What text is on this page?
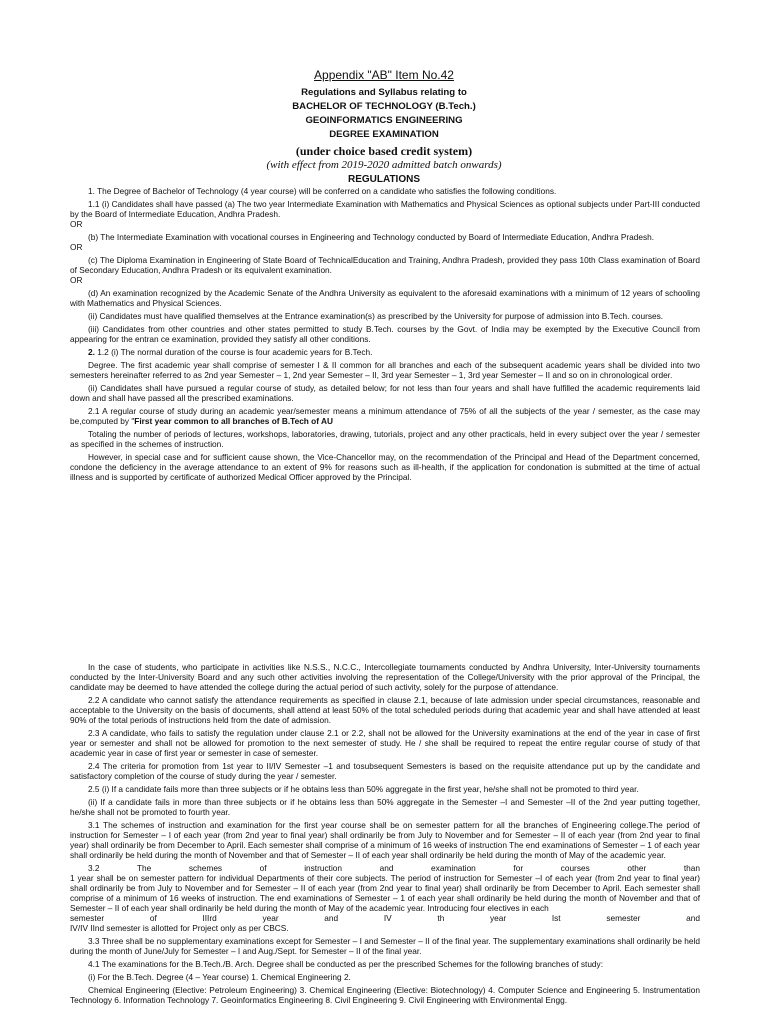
Appendix "AB" Item No.42
Regulations and Syllabus relating to
BACHELOR OF TECHNOLOGY (B.Tech.)
GEOINFORMATICS ENGINEERING
DEGREE EXAMINATION
(under choice based credit system)
(with effect from 2019-2020 admitted batch onwards)
REGULATIONS

1. The Degree of Bachelor of Technology (4 year course) will be conferred on a candidate who satisfies the following conditions.

1.1 (i) Candidates shall have passed (a) The two year Intermediate Examination with Mathematics and Physical Sciences as optional subjects under Part-III conducted by the Board of Intermediate Education, Andhra Pradesh.

OR

(b) The Intermediate Examination with vocational courses in Engineering and Technology conducted by Board of Intermediate Education, Andhra Pradesh.

OR

(c) The Diploma Examination in Engineering of State Board of TechnicalEducation and Training, Andhra Pradesh, provided they pass 10th Class examination of Board of Secondary Education, Andhra Pradesh or its equivalent examination.

OR

(d) An examination recognized by the Academic Senate of the Andhra University as equivalent to the aforesaid examinations with a minimum of 12 years of schooling with Mathematics and Physical Sciences.

(ii) Candidates must have qualified themselves at the Entrance examination(s) as prescribed by the University for purpose of admission into B.Tech. courses.

(iii) Candidates from other countries and other states permitted to study B.Tech. courses by the Govt. of India may be exempted by the Executive Council from appearing for the entran ce examination, provided they satisfy all other conditions.

2. 1.2 (i) The normal duration of the course is four academic years for B.Tech.

Degree. The first academic year shall comprise of semester I & II common for all branches and each of the subsequent academic years shall be divided into two semesters hereinafter referred to as 2nd year Semester – 1, 2nd year Semester – II, 3rd year Semester – 1, 3rd year Semester – II and so on in chronological order.

(ii) Candidates shall have pursued a regular course of study, as detailed below; for not less than four years and shall have fulfilled the academic requirements laid down and shall have passed all the prescribed examinations.

2.1 A regular course of study during an academic year/semester means a minimum attendance of 75% of all the subjects of the year / semester, as the case may be,computed by "First year common to all branches of B.Tech of AU

Totaling the number of periods of lectures, workshops, laboratories, drawing, tutorials, project and any other practicals, held in every subject over the year / semester as specified in the schemes of instruction.

However, in special case and for sufficient cause shown, the Vice-Chancellor may, on the recommendation of the Principal and Head of the Department concerned, condone the deficiency in the average attendance to an extent of 9% for reasons such as ill-health, if the application for condonation is submitted at the time of actual illness and is supported by certificate of authorized Medical Officer approved by the Principal.

In the case of students, who participate in activities like N.S.S., N.C.C., Intercollegiate tournaments conducted by Andhra University, Inter-University tournaments conducted by the Inter-University Board and any such other activities involving the representation of the College/University with the prior approval of the Principal, the candidate may be deemed to have attended the college during the actual period of such activity, solely for the purpose of attendance.

2.2 A candidate who cannot satisfy the attendance requirements as specified in clause 2.1, because of late admission under special circumstances, reasonable and acceptable to the University on the basis of documents, shall attend at least 50% of the total scheduled periods during that academic year and shall have attended at least 90% of the total periods of instructions held from the date of admission.

2.3 A candidate, who fails to satisfy the regulation under clause 2.1 or 2.2, shall not be allowed for the University examinations at the end of the year in case of first year or semester and shall not be allowed for promotion to the next semester of study. He / she shall be required to repeat the entire regular course of study of that academic year in case of first year or semester in case of semester.

2.4 The criteria for promotion from 1st year to II/IV Semester –1 and tosubsequent Semesters is based on the requisite attendance put up by the candidate and satisfactory completion of the course of study during the year / semester.

2.5 (i) If a candidate fails more than three subjects or if he obtains less than 50% aggregate in the first year, he/she shall not be promoted to third year.

(ii) If a candidate fails in more than three subjects or if he obtains less than 50% aggregate in the Semester –I and Semester –II of the 2nd year putting together, he/she shall not be promoted to fourth year.

3.1 The schemes of instruction and examination for the first year course shall be on semester pattern for all the branches of Engineering college.The period of instruction for Semester – I of each year (from 2nd year to final year) shall ordinarily be from July to November and for Semester – II of each year (from 2nd year to final year) shall ordinarily be from December to April. Each semester shall comprise of a minimum of 16 weeks of instruction The end examinations of Semester – 1 of each year shall ordinarily be held during the month of November and that of Semester – II of each year shall ordinarily be held during the month of May of the academic year.

3.2 The schemes of instruction and examination for courses other than

1 year shall be on semester pattern for individual Departments of their core subjects. The period of instruction for Semester –I of each year (from 2nd year to final year) shall ordinarily be from July to November and for Semester – II of each year (from 2nd year to final year) shall ordinarily be from December to April. Each semester shall comprise of a minimum of 16 weeks of instruction. The end examinations of Semester – 1 of each year shall ordinarily be held during the month of November and that of Semester – II of each year shall ordinarily be held during the month of May of the academic year. Introducing four electives in each

semester of IIIrd year and IV th year Ist semester and

IV/IV IInd semester is allotted for Project only as per CBCS.

3.3 Three shall be no supplementary examinations except for Semester – I and Semester – II of the final year. The supplementary examinations shall ordinarily be held during the month of June/July for Semester – I and Aug./Sept. for Semester – II of the final year.

4.1 The examinations for the B.Tech./B. Arch. Degree shall be conducted as per the prescribed Schemes for the following branches of study:

(i) For the B.Tech. Degree (4 – Year course) 1. Chemical Engineering 2.

Chemical Engineering (Elective: Petroleum Engineering) 3. Chemical Engineering (Elective: Biotechnology) 4. Computer Science and Engineering 5. Instrumentation Technology 6. Information Technology 7. Geoinformatics Engineering 8. Civil Engineering 9. Civil Engineering with Environmental Engg.
